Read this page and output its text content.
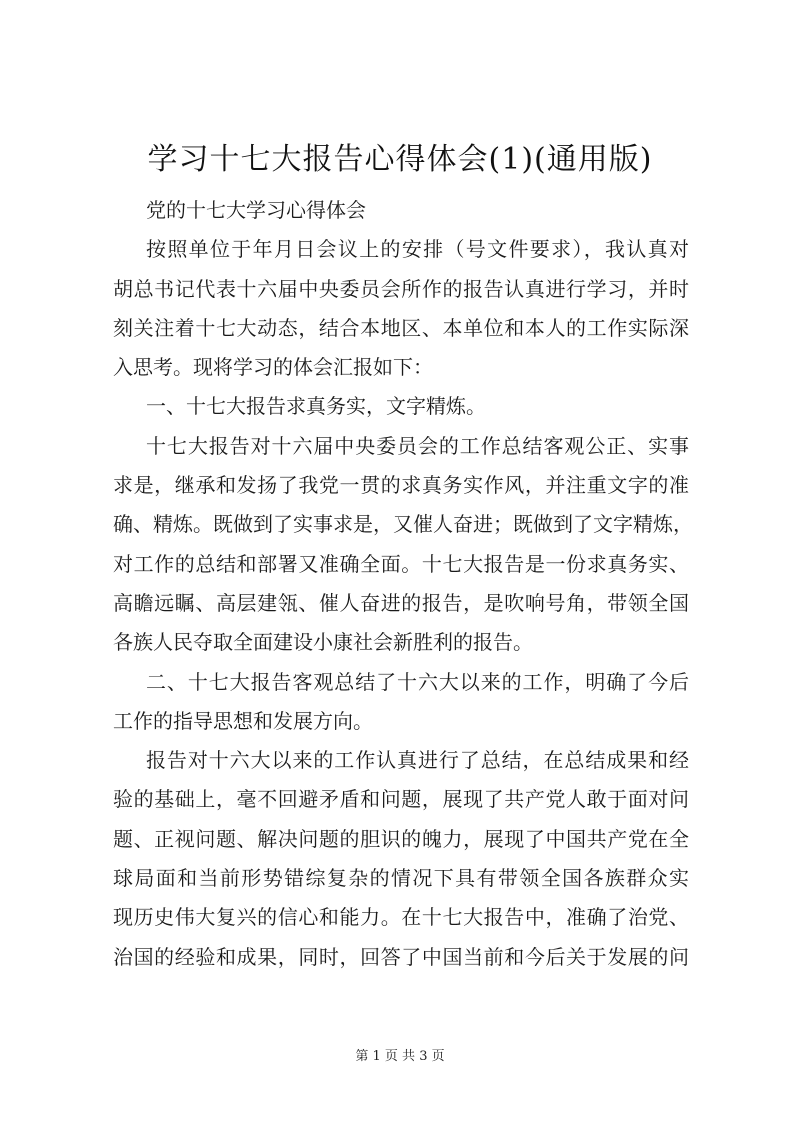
学习十七大报告心得体会(1)(通用版)
党的十七大学习心得体会
按照单位于年月日会议上的安排（号文件要求），我认真对
胡总书记代表十六届中央委员会所作的报告认真进行学习，并时
刻关注着十七大动态，结合本地区、本单位和本人的工作实际深
入思考。现将学习的体会汇报如下：
一、十七大报告求真务实，文字精炼。
十七大报告对十六届中央委员会的工作总结客观公正、实事
求是，继承和发扬了我党一贯的求真务实作风，并注重文字的准
确、精炼。既做到了实事求是，又催人奋进；既做到了文字精炼，
对工作的总结和部署又准确全面。十七大报告是一份求真务实、
高瞻远瞩、高层建瓴、催人奋进的报告，是吹响号角，带领全国
各族人民夺取全面建设小康社会新胜利的报告。
二、十七大报告客观总结了十六大以来的工作，明确了今后
工作的指导思想和发展方向。
报告对十六大以来的工作认真进行了总结，在总结成果和经
验的基础上，毫不回避矛盾和问题，展现了共产党人敢于面对问
题、正视问题、解决问题的胆识的魄力，展现了中国共产党在全
球局面和当前形势错综复杂的情况下具有带领全国各族群众实
现历史伟大复兴的信心和能力。在十七大报告中，准确了治党、
治国的经验和成果，同时，回答了中国当前和今后关于发展的问
第 1 页 共 3 页
